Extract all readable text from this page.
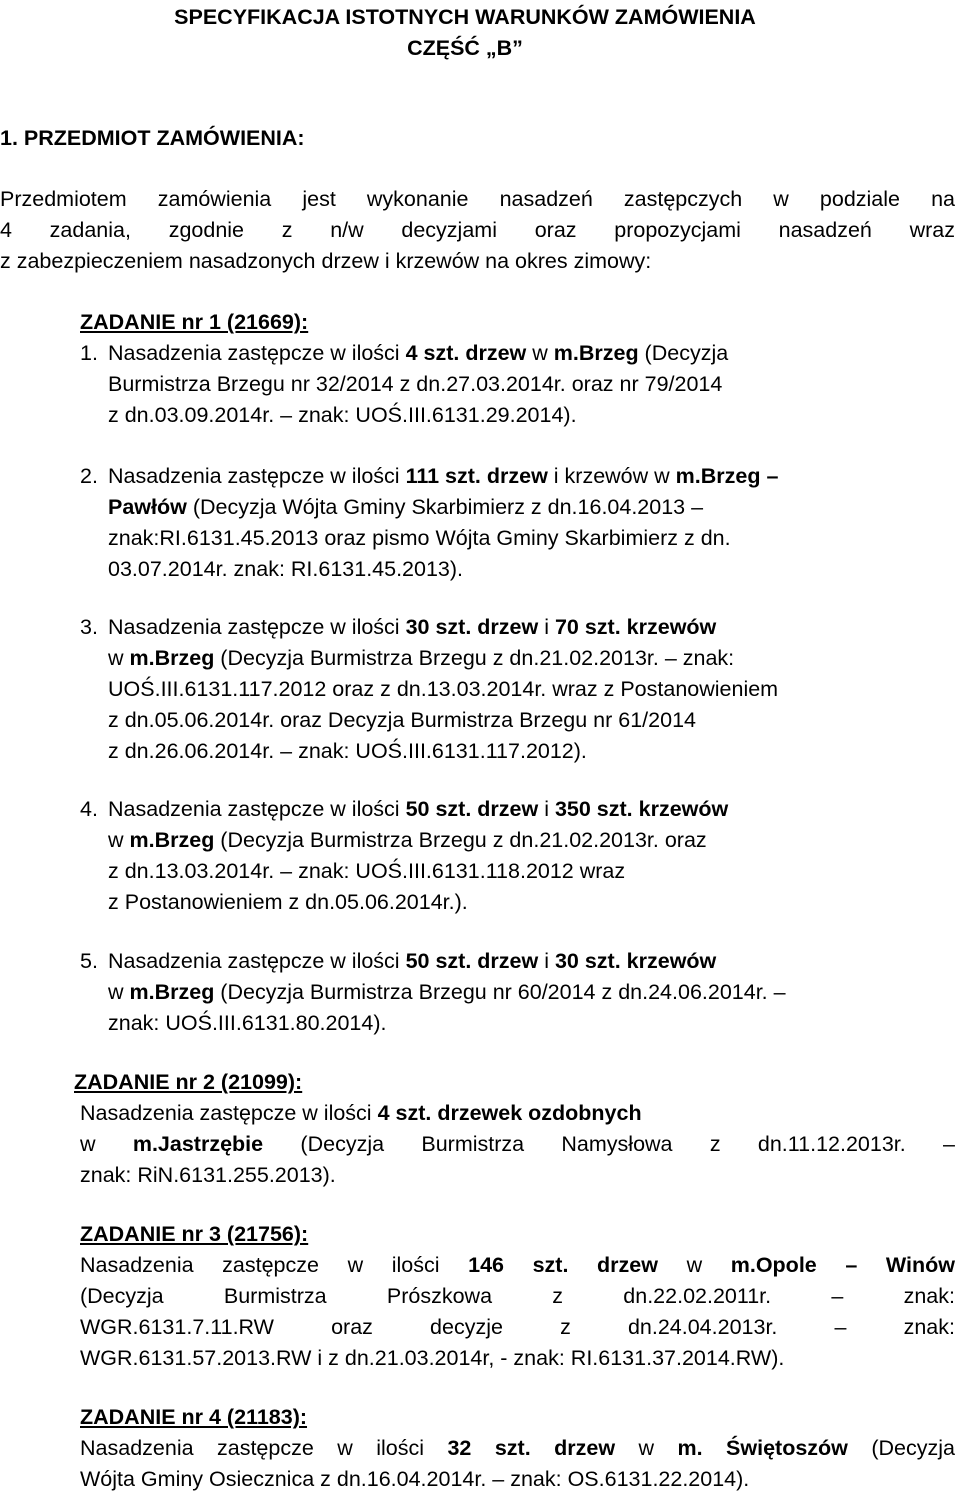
SPECYFIKACJA ISTOTNYCH WARUNKÓW ZAMÓWIENIA
CZĘŚĆ „B”
1. PRZEDMIOT ZAMÓWIENIA:
Przedmiotem zamówienia jest wykonanie nasadzeń zastępczych w podziale na
4 zadania, zgodnie z n/w decyzjami oraz propozycjami nasadzeń wraz
z zabezpieczeniem nasadzonych drzew i krzewów na okres zimowy:
ZADANIE nr 1 (21669):
1. Nasadzenia zastępcze w ilości 4 szt. drzew w m.Brzeg (Decyzja
Burmistrza Brzegu nr 32/2014 z dn.27.03.2014r. oraz nr 79/2014
z dn.03.09.2014r. – znak: UOŚ.III.6131.29.2014).
2. Nasadzenia zastępcze w ilości 111 szt. drzew i krzewów w m.Brzeg –
Pawłów (Decyzja Wójta Gminy Skarbimierz z dn.16.04.2013 –
znak:RI.6131.45.2013 oraz pismo Wójta Gminy Skarbimierz z dn.
03.07.2014r. znak: RI.6131.45.2013).
3. Nasadzenia zastępcze w ilości 30 szt. drzew i 70 szt. krzewów
w m.Brzeg (Decyzja Burmistrza Brzegu z dn.21.02.2013r. – znak:
UOŚ.III.6131.117.2012 oraz z dn.13.03.2014r. wraz z Postanowieniem
z dn.05.06.2014r. oraz Decyzja Burmistrza Brzegu nr 61/2014
z dn.26.06.2014r. – znak: UOŚ.III.6131.117.2012).
4. Nasadzenia zastępcze w ilości 50 szt. drzew i 350 szt. krzewów
w m.Brzeg (Decyzja Burmistrza Brzegu z dn.21.02.2013r. oraz
z dn.13.03.2014r. – znak: UOŚ.III.6131.118.2012 wraz
z Postanowieniem z dn.05.06.2014r.).
5. Nasadzenia zastępcze w ilości 50 szt. drzew i 30 szt. krzewów
w m.Brzeg (Decyzja Burmistrza Brzegu nr 60/2014 z dn.24.06.2014r. –
znak: UOŚ.III.6131.80.2014).
ZADANIE nr 2 (21099):
Nasadzenia zastępcze w ilości 4 szt. drzewek ozdobnych
w m.Jastrzębie (Decyzja Burmistrza Namysłowa z dn.11.12.2013r. –
znak: RiN.6131.255.2013).
ZADANIE nr 3 (21756):
Nasadzenia zastępcze w ilości 146 szt. drzew w m.Opole – Winów
(Decyzja Burmistrza Prószkowa z dn.22.02.2011r. – znak:
WGR.6131.7.11.RW oraz decyzje z dn.24.04.2013r. – znak:
WGR.6131.57.2013.RW i z dn.21.03.2014r, - znak: RI.6131.37.2014.RW).
ZADANIE nr 4 (21183):
Nasadzenia zastępcze w ilości 32 szt. drzew w m. Świętoszów (Decyzja
Wójta Gminy Osiecznica z dn.16.04.2014r. – znak: OS.6131.22.2014).
